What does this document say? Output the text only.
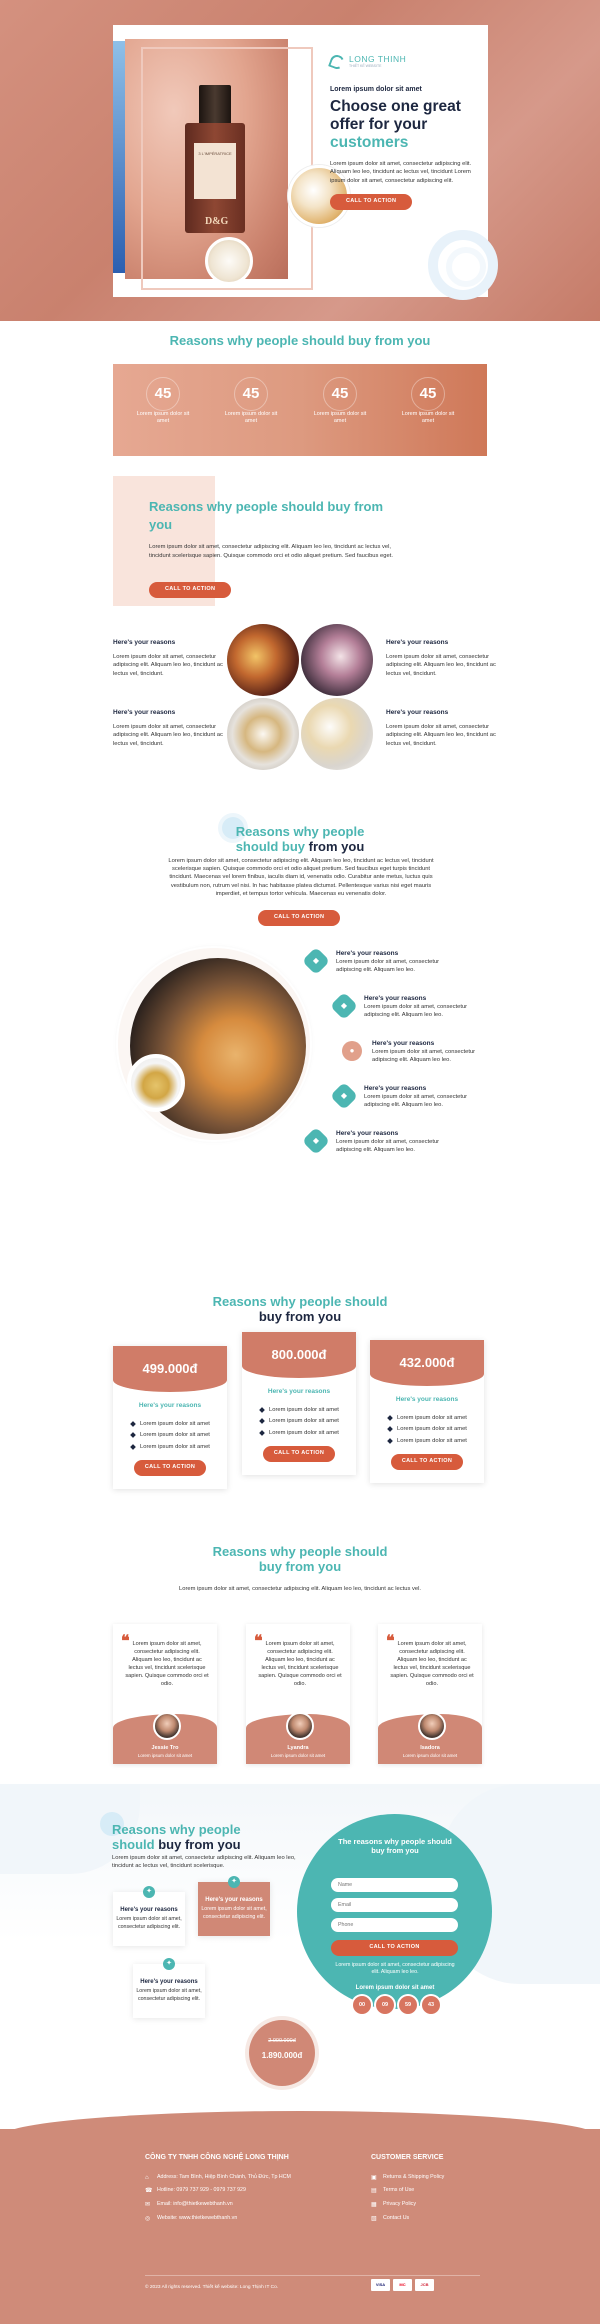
3 L'IMPÉRATRICE
D&G
LONG THINH
THIẾT KẾ WEBSITE
Lorem ipsum dolor sit amet
Choose one great
offer for your
customers

Lorem ipsum dolor sit amet, consectetur adipiscing elit. Aliquam leo leo, tincidunt ac lectus vel, tincidunt Lorem ipsum dolor sit amet, consectetur adipiscing elit.

CALL TO ACTION
Reasons why people should buy from you
45
Lorem ipsum dolor sit amet
45
Lorem ipsum dolor sit amet
45
Lorem ipsum dolor sit amet
45
Lorem ipsum dolor sit amet
Reasons why people should buy from you

Lorem ipsum dolor sit amet, consectetur adipiscing elit. Aliquam leo leo, tincidunt ac lectus vel, tincidunt scelerisque sapien. Quisque commodo orci et odio aliquet pretium. Sed faucibus eget.

CALL TO ACTION
Here's your reasons

Lorem ipsum dolor sit amet, consectetur adipiscing elit. Aliquam leo leo, tincidunt ac lectus vel, tincidunt.

Here's your reasons

Lorem ipsum dolor sit amet, consectetur adipiscing elit. Aliquam leo leo, tincidunt ac lectus vel, tincidunt.

Here's your reasons

Lorem ipsum dolor sit amet, consectetur adipiscing elit. Aliquam leo leo, tincidunt ac lectus vel, tincidunt.

Here's your reasons

Lorem ipsum dolor sit amet, consectetur adipiscing elit. Aliquam leo leo, tincidunt ac lectus vel, tincidunt.

Reasons why people
should buy from you

Lorem ipsum dolor sit amet, consectetur adipiscing elit. Aliquam leo leo, tincidunt ac lectus vel, tincidunt scelerisque sapien. Quisque commodo orci et odio aliquet pretium. Sed faucibus eget turpis tincidunt tincidunt. Maecenas vel lorem finibus, iaculis diam id, venenatis odio. Curabitur ante metus, luctus quis vestibulum non, rutrum vel nisi. In hac habitasse platea dictumst. Pellentesque varius nisi eget mauris imperdiet, et tempus tortor vehicula. Maecenas eu venenatis dolor.

CALL TO ACTION
◆
Here's your reasons

Lorem ipsum dolor sit amet, consectetur adipiscing elit. Aliquam leo leo.

◆
Here's your reasons

Lorem ipsum dolor sit amet, consectetur adipiscing elit. Aliquam leo leo.

●
Here's your reasons

Lorem ipsum dolor sit amet, consectetur adipiscing elit. Aliquam leo leo.

◆
Here's your reasons

Lorem ipsum dolor sit amet, consectetur adipiscing elit. Aliquam leo leo.

◆
Here's your reasons

Lorem ipsum dolor sit amet, consectetur adipiscing elit. Aliquam leo leo.

Reasons why people should
buy from you
499.000đ
Here's your reasons
Lorem ipsum dolor sit amet
Lorem ipsum dolor sit amet
Lorem ipsum dolor sit amet
CALL TO ACTION
800.000đ
Here's your reasons
Lorem ipsum dolor sit amet
Lorem ipsum dolor sit amet
Lorem ipsum dolor sit amet
CALL TO ACTION
432.000đ
Here's your reasons
Lorem ipsum dolor sit amet
Lorem ipsum dolor sit amet
Lorem ipsum dolor sit amet
CALL TO ACTION
Reasons why people should
buy from you

Lorem ipsum dolor sit amet, consectetur adipiscing elit. Aliquam leo leo, tincidunt ac lectus vel.

❝ Lorem ipsum dolor sit amet, consectetur adipiscing elit. Aliquam leo leo, tincidunt ac lectus vel, tincidunt scelerisque sapien. Quisque commodo orci et odio.

Jessie Tro
Lorem ipsum dolor sit amet
❝ Lorem ipsum dolor sit amet, consectetur adipiscing elit. Aliquam leo leo, tincidunt ac lectus vel, tincidunt scelerisque sapien. Quisque commodo orci et odio.

Lyandra
Lorem ipsum dolor sit amet
❝ Lorem ipsum dolor sit amet, consectetur adipiscing elit. Aliquam leo leo, tincidunt ac lectus vel, tincidunt scelerisque sapien. Quisque commodo orci et odio.

Isadora
Lorem ipsum dolor sit amet
Reasons why people
should buy from you

Lorem ipsum dolor sit amet, consectetur adipiscing elit. Aliquam leo leo, tincidunt ac lectus vel, tincidunt scelerisque.

✦
Here's your reasons

Lorem ipsum dolor sit amet, consectetur adipiscing elit.

✦
Here's your reasons

Lorem ipsum dolor sit amet, consectetur adipiscing elit.

✦
Here's your reasons

Lorem ipsum dolor sit amet, consectetur adipiscing elit.

2.000.000đ
1.890.000đ
The reasons why people should buy from you
Name
Email
Phone
CALL TO ACTION

Lorem ipsum dolor sit amet, consectetur adipiscing elit. Aliquam leo leo.

Lorem ipsum dolor sit amet
00	09	59	43
CÔNG TY TNHH CÔNG NGHỆ LONG THỊNH
⌂ Address: Tam Bình, Hiệp Bình Chánh, Thủ Đức, Tp HCM
☎ Hotline: 0979 737 929 - 0979 737 929
✉ Email: info@thietkewebthanh.vn
◎ Website: www.thietkewebthanh.vn
CUSTOMER SERVICE
▣ Returns & Shipping Policy
▤ Terms of Use
▦ Privacy Policy
▧ Contact Us
© 2023 All rights reserved. Thiết kế website: Long Thịnh IT Co.
VISA	MC	JCB
